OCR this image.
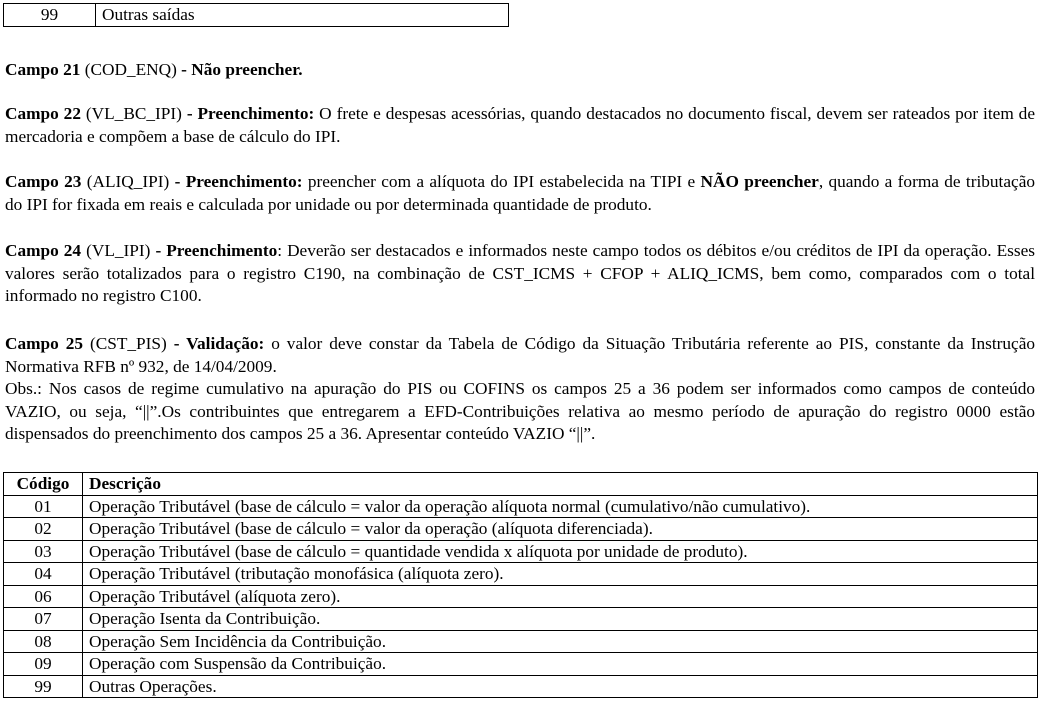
99	Outras saídas

Campo 21 (COD_ENQ) - Não preencher.

Campo 22 (VL_BC_IPI) - Preenchimento: O frete e despesas acessórias, quando destacados no documento fiscal, devem ser rateados por item de mercadoria e compõem a base de cálculo do IPI.

Campo 23 (ALIQ_IPI) - Preenchimento: preencher com a alíquota do IPI estabelecida na TIPI e NÃO preencher, quando a forma de tributação do IPI for fixada em reais e calculada por unidade ou por determinada quantidade de produto.

Campo 24 (VL_IPI) - Preenchimento: Deverão ser destacados e informados neste campo todos os débitos e/ou créditos de IPI da operação. Esses valores serão totalizados para o registro C190, na combinação de CST_ICMS + CFOP + ALIQ_ICMS, bem como, comparados com o total informado no registro C100.

Campo 25 (CST_PIS) - Validação: o valor deve constar da Tabela de Código da Situação Tributária referente ao PIS, constante da Instrução Normativa RFB nº 932, de 14/04/2009.
Obs.: Nos casos de regime cumulativo na apuração do PIS ou COFINS os campos 25 a 36 podem ser informados como campos de conteúdo VAZIO, ou seja, “||”.Os contribuintes que entregarem a EFD-Contribuições relativa ao mesmo período de apuração do registro 0000 estão dispensados do preenchimento dos campos 25 a 36. Apresentar conteúdo VAZIO “||”.

Código	Descrição
01	Operação Tributável (base de cálculo = valor da operação alíquota normal (cumulativo/não cumulativo).
02	Operação Tributável (base de cálculo = valor da operação (alíquota diferenciada).
03	Operação Tributável (base de cálculo = quantidade vendida x alíquota por unidade de produto).
04	Operação Tributável (tributação monofásica (alíquota zero).
06	Operação Tributável (alíquota zero).
07	Operação Isenta da Contribuição.
08	Operação Sem Incidência da Contribuição.
09	Operação com Suspensão da Contribuição.
99	Outras Operações.
